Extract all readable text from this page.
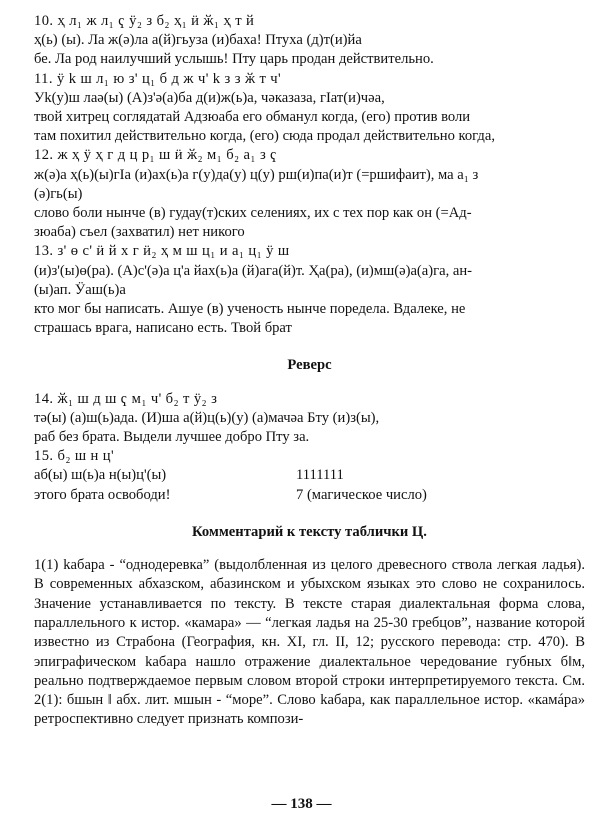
10. ҳ л₁ ж л₁ ҁ ӱ₂ з б₂ ҳ₁ ӥ ӂ₁ ҳ т й
ҳ(ь) (ы). Ла ж(ә)ла а(й)гьуза (и)баха! Птуха (д)т(и)йа
бе. Ла род наилучший услышь! Пту царь продан действительно.
11. ӱ k ш л₁ ю з' ц₁ б д ж ч' k з з ӂ т ч'
Уk(у)ш лаә(ы) (А)з'ә(а)ба д(и)ж(ь)а, чәказаза, гIат(и)чәа,
твой хитрец соглядатай Адзюаба его обманул когда, (его) против воли
там похитил действительно когда, (его) сюда продал действительно когда,
12. ж ҳ ӱ ҳ г д ц р₁ ш ӥ ӂ₂ м₁ б₂ а₁ з ҁ
ж(ә)а ҳ(ь)(ы)гIа (и)ах(ь)а г(у)да(у) ц(у) рш(и)па(и)т (=ршифаит), ма а₁ з
(ә)гь(ы)
слово боли нынче (в) гудау(т)ских селениях, их с тех пор как он (=Ад-
зюаба) съел (захватил) нет никого
13. з' ө с' ӥ й х г ӥ₂ ҳ м ш ц₁ и а₁ ц₁ ӱ ш
(и)з'(ы)ө(ра). (А)с'(ә)а ц'а йах(ь)а (й)ага(й)т. Ҳа(ра), (и)мш(ә)а(а)га, ан-
(ы)ап. Ӱаш(ь)а
кто мог бы написать. Ашуе (в) ученость нынче поредела. Вдалеке, не
страшась врага, написано есть. Твой брат
Реверс
14. ӂ₁ ш д ш ҁ м₁ ч' б₂ т ӱ₂ з
тә(ы) (а)ш(ь)ада. (И)ша а(й)ц(ь)(у) (а)мачәа Бту (и)з(ы),
раб без брата. Выдели лучшее добро Пту за.
15. б₂ ш н ц'
аб(ы) ш(ь)а н(ы)ц'(ы)	1111111
этого брата освободи!	7 (магическое число)
Комментарий к тексту таблички Ц.

1(1) kабара - “однодеревка” (выдолбленная из целого древесного ствола легкая ладья). В современных абхазском, абазинском и убыхском языках это слово не сохранилось. Значение устанавливается по тексту. В тексте старая диалектальная форма слова, параллельного к истор. «камара» — “легкая ладья на 25-30 гребцов”, название которой известно из Страбона (География, кн. XI, гл. II, 12; русского перевода: стр. 470). В эпиграфическом kабара нашло отражение диалектальное чередование губных б‖м, реально подтверждаемое первым словом второй строки интерпретируемого текста. См. 2(1): бшын ‖ абх. лит. мшын - “море”. Слово kабара, как параллельное истор. «камáра» ретроспективно следует признать компози-

— 138 —
